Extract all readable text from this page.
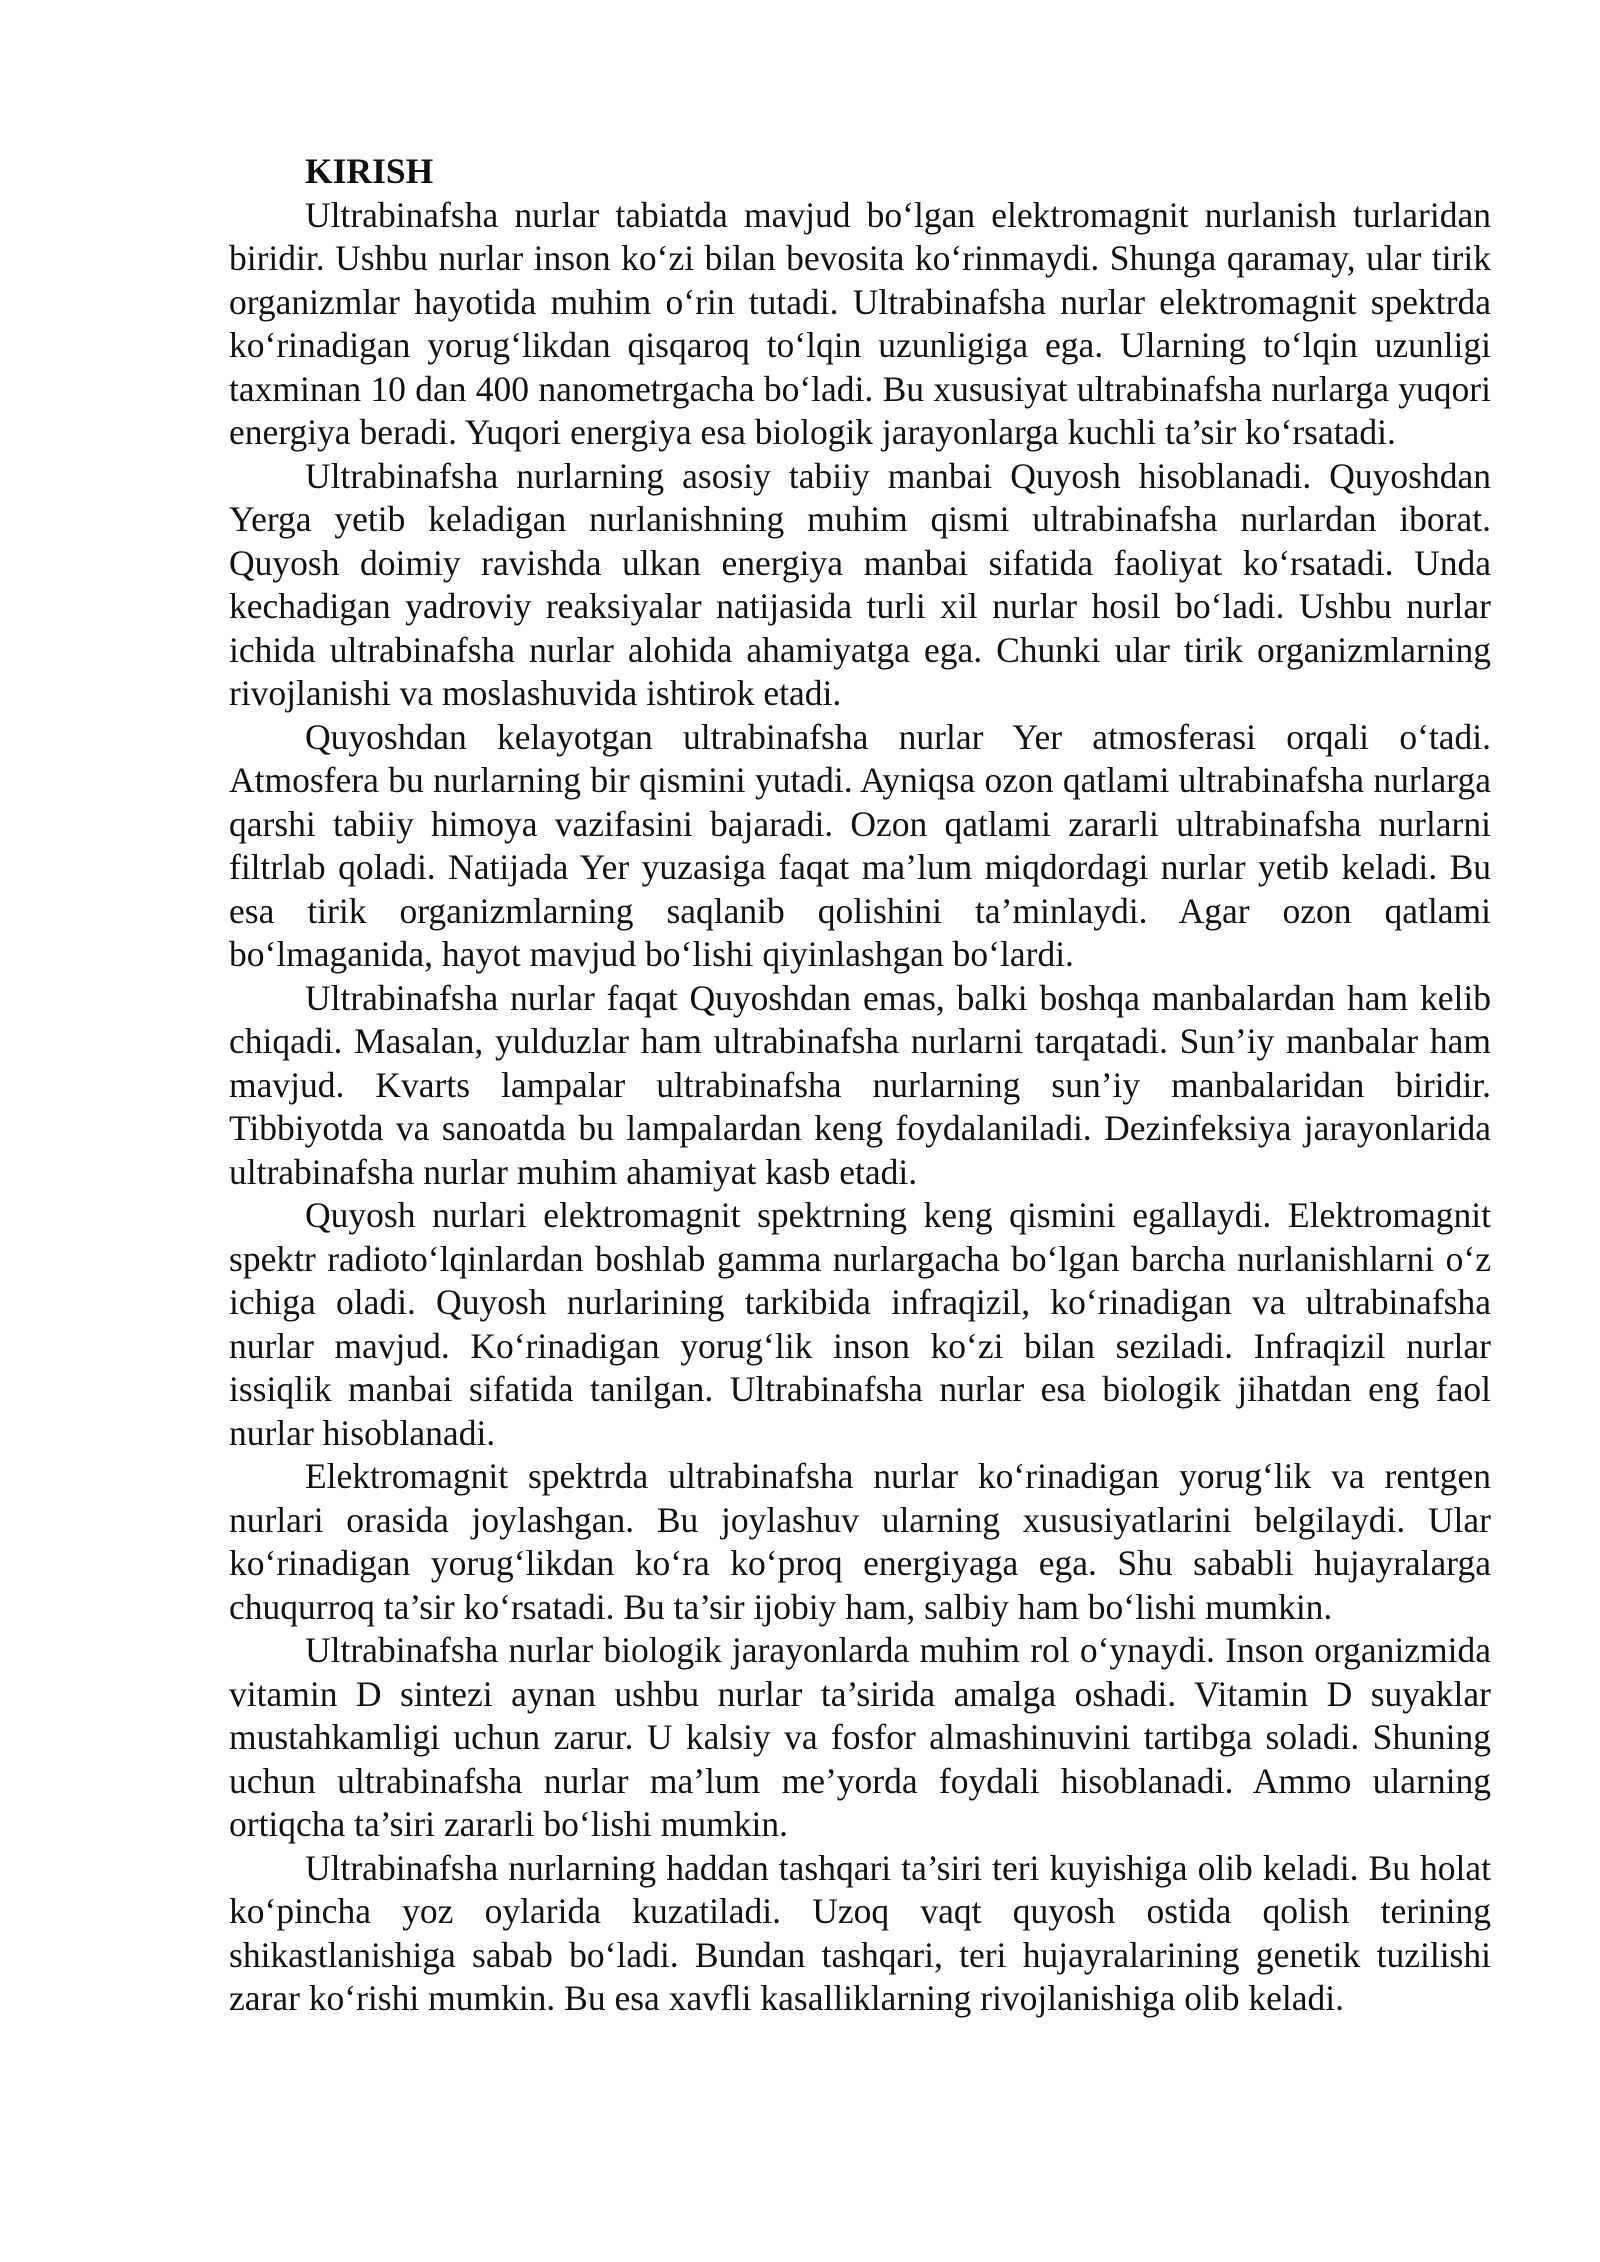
KIRISH

Ultrabinafsha nurlar tabiatda mavjud bo‘lgan elektromagnit nurlanish turlaridan biridir. Ushbu nurlar inson ko‘zi bilan bevosita ko‘rinmaydi. Shunga qaramay, ular tirik organizmlar hayotida muhim o‘rin tutadi. Ultrabinafsha nurlar elektromagnit spektrda ko‘rinadigan yorug‘likdan qisqaroq to‘lqin uzunligiga ega. Ularning to‘lqin uzunligi taxminan 10 dan 400 nanometrgacha bo‘ladi. Bu xususiyat ultrabinafsha nurlarga yuqori energiya beradi. Yuqori energiya esa biologik jarayonlarga kuchli ta’sir ko‘rsatadi.

Ultrabinafsha nurlarning asosiy tabiiy manbai Quyosh hisoblanadi. Quyoshdan Yerga yetib keladigan nurlanishning muhim qismi ultrabinafsha nurlardan iborat. Quyosh doimiy ravishda ulkan energiya manbai sifatida faoliyat ko‘rsatadi. Unda kechadigan yadroviy reaksiyalar natijasida turli xil nurlar hosil bo‘ladi. Ushbu nurlar ichida ultrabinafsha nurlar alohida ahamiyatga ega. Chunki ular tirik organizmlarning rivojlanishi va moslashuvida ishtirok etadi.

Quyoshdan kelayotgan ultrabinafsha nurlar Yer atmosferasi orqali o‘tadi. Atmosfera bu nurlarning bir qismini yutadi. Ayniqsa ozon qatlami ultrabinafsha nurlarga qarshi tabiiy himoya vazifasini bajaradi. Ozon qatlami zararli ultrabinafsha nurlarni filtrlab qoladi. Natijada Yer yuzasiga faqat ma’lum miqdordagi nurlar yetib keladi. Bu esa tirik organizmlarning saqlanib qolishini ta’minlaydi. Agar ozon qatlami bo‘lmaganida, hayot mavjud bo‘lishi qiyinlashgan bo‘lardi.

Ultrabinafsha nurlar faqat Quyoshdan emas, balki boshqa manbalardan ham kelib chiqadi. Masalan, yulduzlar ham ultrabinafsha nurlarni tarqatadi. Sun’iy manbalar ham mavjud. Kvarts lampalar ultrabinafsha nurlarning sun’iy manbalaridan biridir. Tibbiyotda va sanoatda bu lampalardan keng foydalaniladi. Dezinfeksiya jarayonlarida ultrabinafsha nurlar muhim ahamiyat kasb etadi.

Quyosh nurlari elektromagnit spektrning keng qismini egallaydi. Elektromagnit spektr radioto‘lqinlardan boshlab gamma nurlargacha bo‘lgan barcha nurlanishlarni o‘z ichiga oladi. Quyosh nurlarining tarkibida infraqizil, ko‘rinadigan va ultrabinafsha nurlar mavjud. Ko‘rinadigan yorug‘lik inson ko‘zi bilan seziladi. Infraqizil nurlar issiqlik manbai sifatida tanilgan. Ultrabinafsha nurlar esa biologik jihatdan eng faol nurlar hisoblanadi.

Elektromagnit spektrda ultrabinafsha nurlar ko‘rinadigan yorug‘lik va rentgen nurlari orasida joylashgan. Bu joylashuv ularning xususiyatlarini belgilaydi. Ular ko‘rinadigan yorug‘likdan ko‘ra ko‘proq energiyaga ega. Shu sababli hujayralarga chuqurroq ta’sir ko‘rsatadi. Bu ta’sir ijobiy ham, salbiy ham bo‘lishi mumkin.

Ultrabinafsha nurlar biologik jarayonlarda muhim rol o‘ynaydi. Inson organizmida vitamin D sintezi aynan ushbu nurlar ta’sirida amalga oshadi. Vitamin D suyaklar mustahkamligi uchun zarur. U kalsiy va fosfor almashinuvini tartibga soladi. Shuning uchun ultrabinafsha nurlar ma’lum me’yorda foydali hisoblanadi. Ammo ularning ortiqcha ta’siri zararli bo‘lishi mumkin.

Ultrabinafsha nurlarning haddan tashqari ta’siri teri kuyishiga olib keladi. Bu holat ko‘pincha yoz oylarida kuzatiladi. Uzoq vaqt quyosh ostida qolish terining shikastlanishiga sabab bo‘ladi. Bundan tashqari, teri hujayralarining genetik tuzilishi zarar ko‘rishi mumkin. Bu esa xavfli kasalliklarning rivojlanishiga olib keladi.
